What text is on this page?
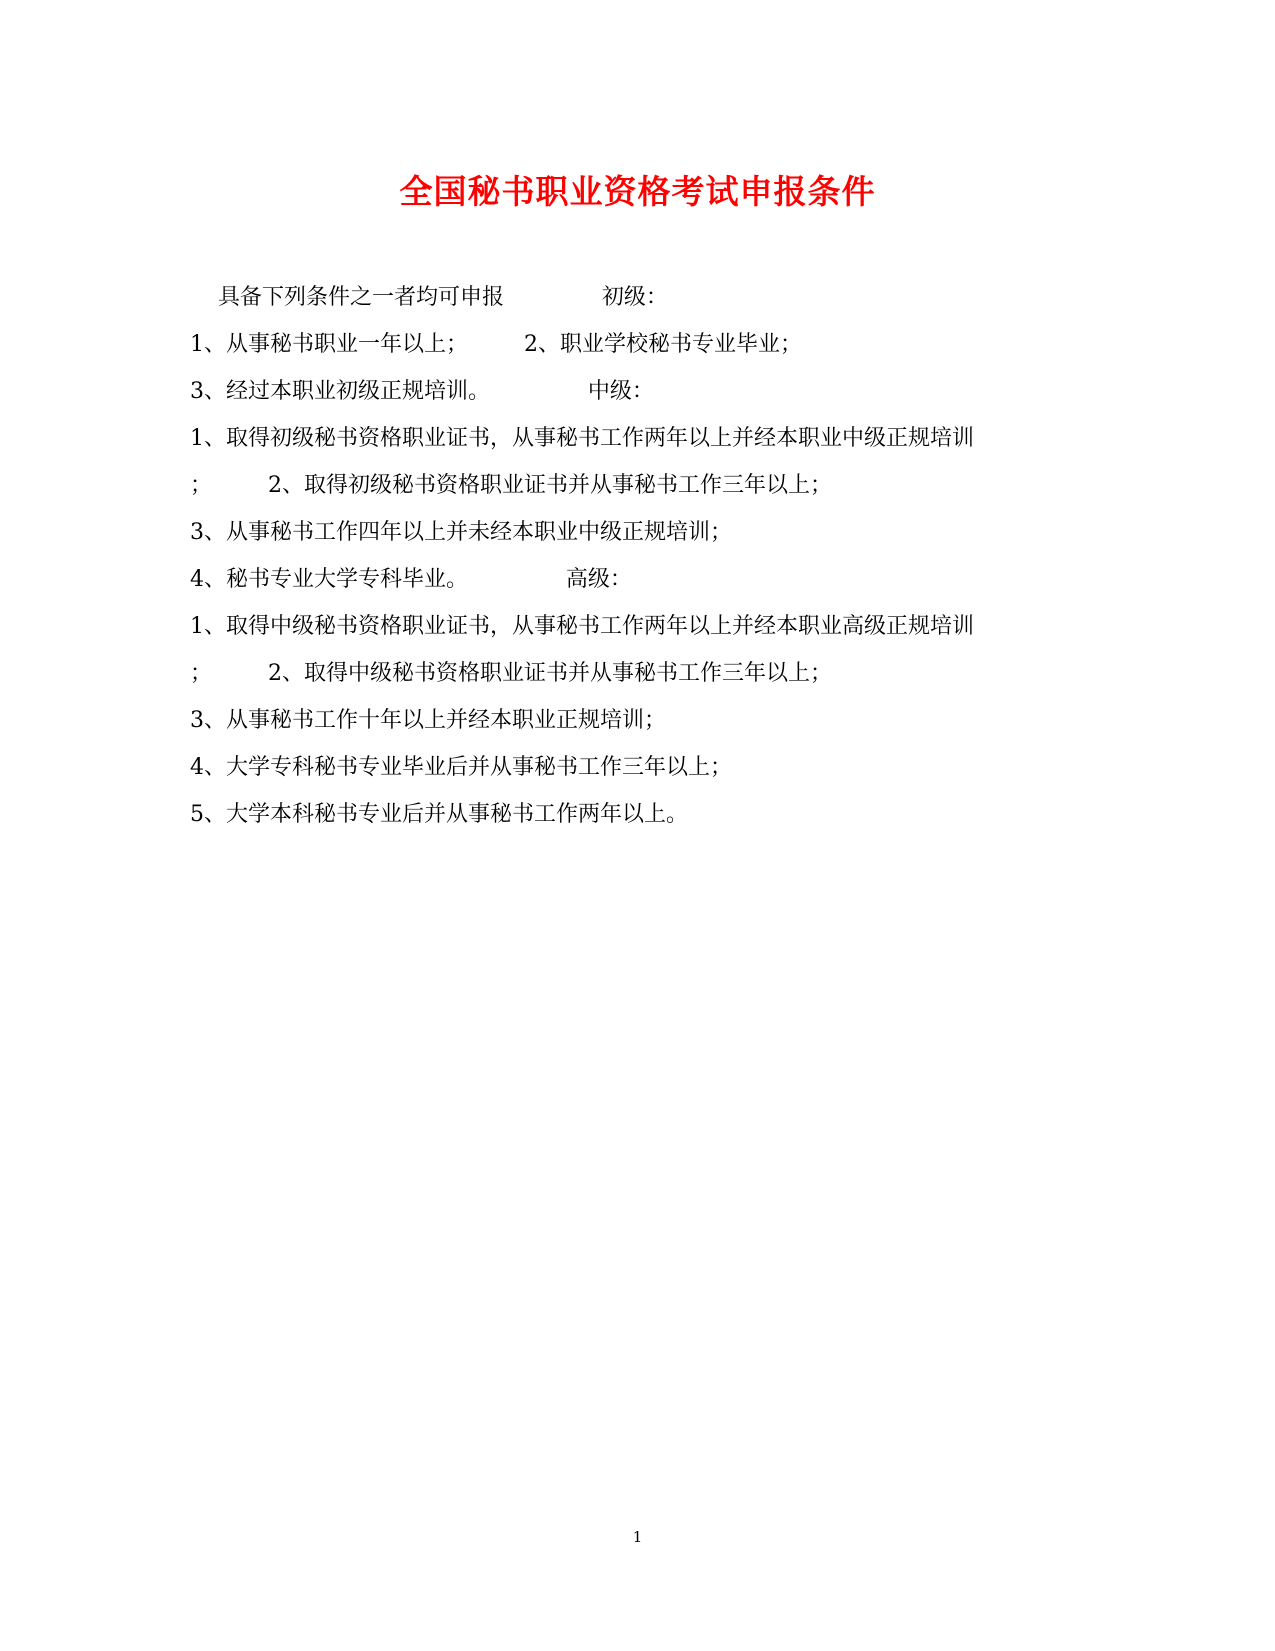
全国秘书职业资格考试申报条件
具备下列条件之一者均可申报              初级：
1、从事秘书职业一年以上；        2、职业学校秘书专业毕业；
3、经过本职业初级正规培训。              中级：
1、取得初级秘书资格职业证书，从事秘书工作两年以上并经本职业中级正规培训
；        2、取得初级秘书资格职业证书并从事秘书工作三年以上；
3、从事秘书工作四年以上并未经本职业中级正规培训；
4、秘书专业大学专科毕业。              高级：
1、取得中级秘书资格职业证书，从事秘书工作两年以上并经本职业高级正规培训
；        2、取得中级秘书资格职业证书并从事秘书工作三年以上；
3、从事秘书工作十年以上并经本职业正规培训；
4、大学专科秘书专业毕业后并从事秘书工作三年以上；
5、大学本科秘书专业后并从事秘书工作两年以上。
1
